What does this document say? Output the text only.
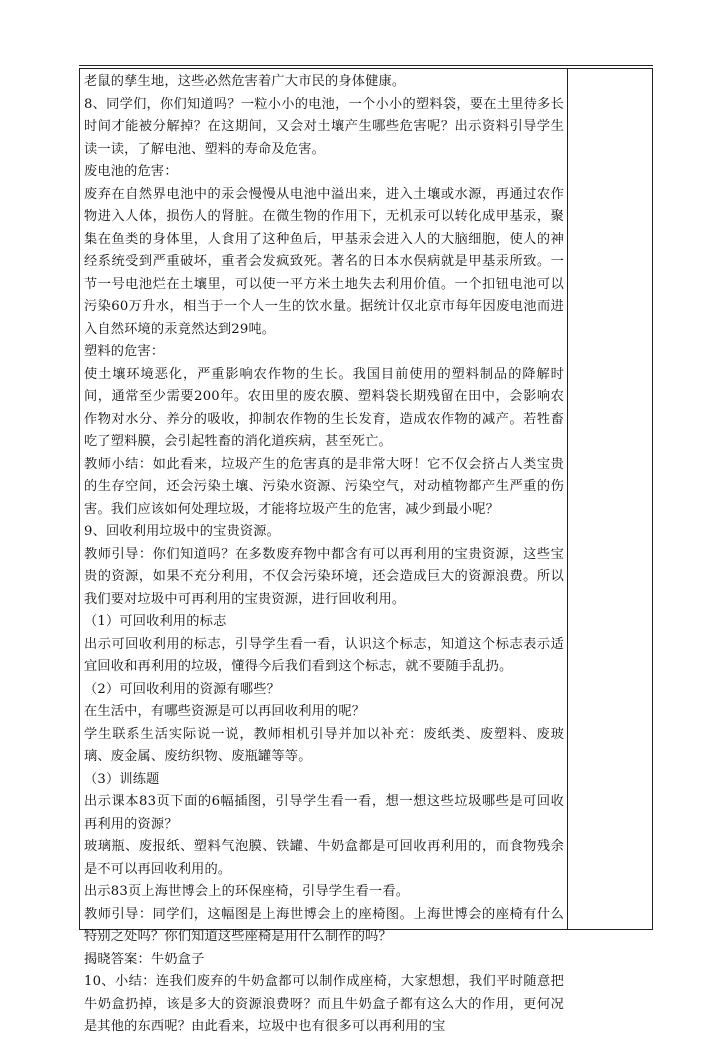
老鼠的孳生地，这些必然危害着广大市民的身体健康。

8、同学们，你们知道吗？一粒小小的电池，一个小小的塑料袋，要在土里待多长时间才能被分解掉？在这期间，又会对土壤产生哪些危害呢？出示资料引导学生读一读，了解电池、塑料的寿命及危害。

废电池的危害：

废弃在自然界电池中的汞会慢慢从电池中溢出来，进入土壤或水源，再通过农作物进入人体，损伤人的肾脏。在微生物的作用下，无机汞可以转化成甲基汞，聚集在鱼类的身体里，人食用了这种鱼后，甲基汞会进入人的大脑细胞，使人的神经系统受到严重破坏，重者会发疯致死。著名的日本水俣病就是甲基汞所致。一节一号电池烂在土壤里，可以使一平方米土地失去利用价值。一个扣钮电池可以污染60万升水，相当于一个人一生的饮水量。据统计仅北京市每年因废电池而进入自然环境的汞竟然达到29吨。

塑料的危害：

使土壤环境恶化，严重影响农作物的生长。我国目前使用的塑料制品的降解时间，通常至少需要200年。农田里的废农膜、塑料袋长期残留在田中，会影响农作物对水分、养分的吸收，抑制农作物的生长发育，造成农作物的减产。若牲畜吃了塑料膜，会引起牲畜的消化道疾病，甚至死亡。

教师小结：如此看来，垃圾产生的危害真的是非常大呀！它不仅会挤占人类宝贵的生存空间，还会污染土壤、污染水资源、污染空气，对动植物都产生严重的伤害。我们应该如何处理垃圾，才能将垃圾产生的危害，减少到最小呢？

9、回收利用垃圾中的宝贵资源。

教师引导：你们知道吗？在多数废弃物中都含有可以再利用的宝贵资源，这些宝贵的资源，如果不充分利用，不仅会污染环境，还会造成巨大的资源浪费。所以我们要对垃圾中可再利用的宝贵资源，进行回收利用。

（1）可回收利用的标志

出示可回收利用的标志，引导学生看一看，认识这个标志，知道这个标志表示适宜回收和再利用的垃圾，懂得今后我们看到这个标志，就不要随手乱扔。

（2）可回收利用的资源有哪些？

在生活中，有哪些资源是可以再回收利用的呢？

学生联系生活实际说一说，教师相机引导并加以补充：废纸类、废塑料、废玻璃、废金属、废纺织物、废瓶罐等等。

（3）训练题

出示课本83页下面的6幅插图，引导学生看一看，想一想这些垃圾哪些是可回收再利用的资源？

玻璃瓶、废报纸、塑料气泡膜、铁罐、牛奶盒都是可回收再利用的，而食物残余是不可以再回收利用的。

出示83页上海世博会上的环保座椅，引导学生看一看。

教师引导：同学们，这幅图是上海世博会上的座椅图。上海世博会的座椅有什么特别之处吗？你们知道这些座椅是用什么制作的吗？

揭晓答案：牛奶盒子

10、小结：连我们废弃的牛奶盒都可以制作成座椅，大家想想，我们平时随意把牛奶盒扔掉，该是多大的资源浪费呀？而且牛奶盒子都有这么大的作用，更何况是其他的东西呢？由此看来，垃圾中也有很多可以再利用的宝
